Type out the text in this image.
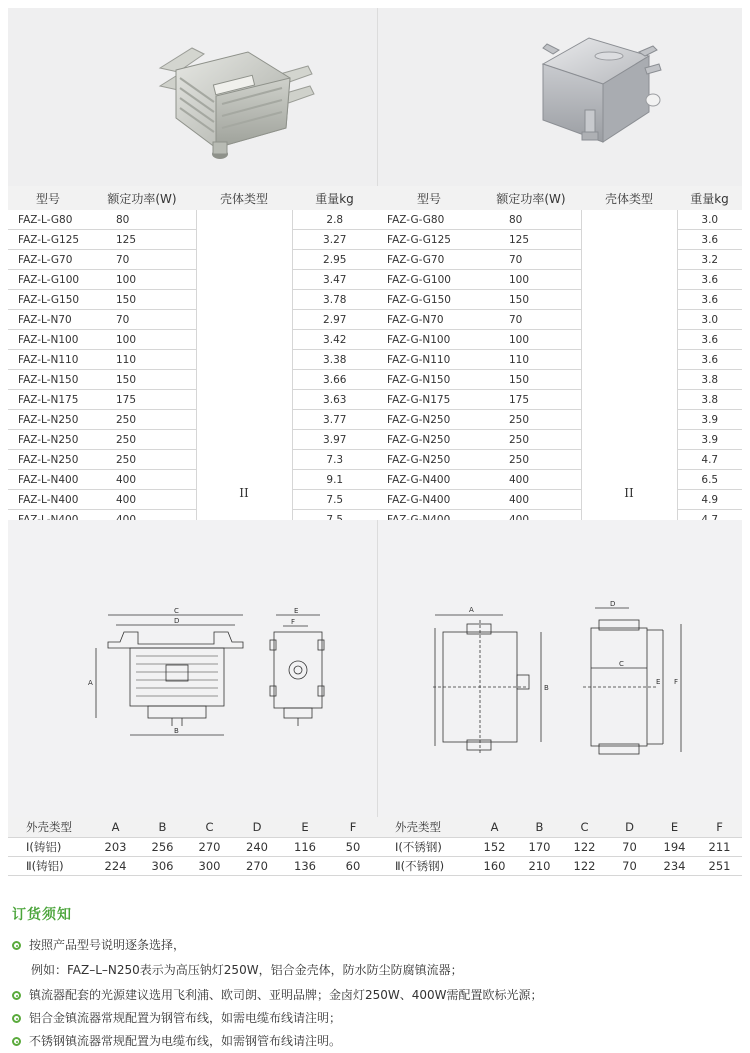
型号	额定功率(W)	壳体类型	重量kg
FAZ-L-G80	80	II	2.8
FAZ-L-G125	125		3.27
FAZ-L-G70	70		2.95
FAZ-L-G100	100		3.47
FAZ-L-G150	150		3.78
FAZ-L-N70	70		2.97
FAZ-L-N100	100		3.42
FAZ-L-N110	110		3.38
FAZ-L-N150	150		3.66
FAZ-L-N175	175		3.63
FAZ-L-N250	250		3.77
FAZ-L-N250	250		3.97
FAZ-L-N250	250		7.3
FAZ-L-N400	400		9.1
FAZ-L-N400	400		7.5

型号	额定功率(W)	壳体类型	重量kg
FAZ-G-G80	80	II	3.0
FAZ-G-G125	125		3.6
FAZ-G-G70	70		3.2
FAZ-G-G100	100		3.6
FAZ-G-G150	150		3.6
FAZ-G-N70	70		3.0
FAZ-G-N100	100		3.6
FAZ-G-N110	110		3.6
FAZ-G-N150	150		3.8
FAZ-G-N175	175		3.8
FAZ-G-N250	250		3.9
FAZ-G-N250	250		3.9
FAZ-G-N250	250		4.7
FAZ-G-N400	400		6.5
FAZ-G-N400	400		4.9

C
D
A
B
E
F
A
B
D
C
E F
外壳类型	A	B	C	D	E	F
Ⅰ(铸铝)	203	256	270	240	116	50
Ⅱ(铸铝)	224	306	300	270	136	60
外壳类型	A	B	C	D	E	F
Ⅰ(不锈钢)	152	170	122	70	194	211
Ⅱ(不锈钢)	160	210	122	70	234	251
订货须知
按照产品型号说明逐条选择，
例如：FAZ–L–N250表示为高压钠灯250W，铝合金壳体，防水防尘防腐镇流器；
镇流器配套的光源建议选用飞利浦、欧司朗、亚明品牌；金卤灯250W、400W需配置欧标光源；
铝合金镇流器常规配置为钢管布线，如需电缆布线请注明；
不锈钢镇流器常规配置为电缆布线，如需钢管布线请注明。
